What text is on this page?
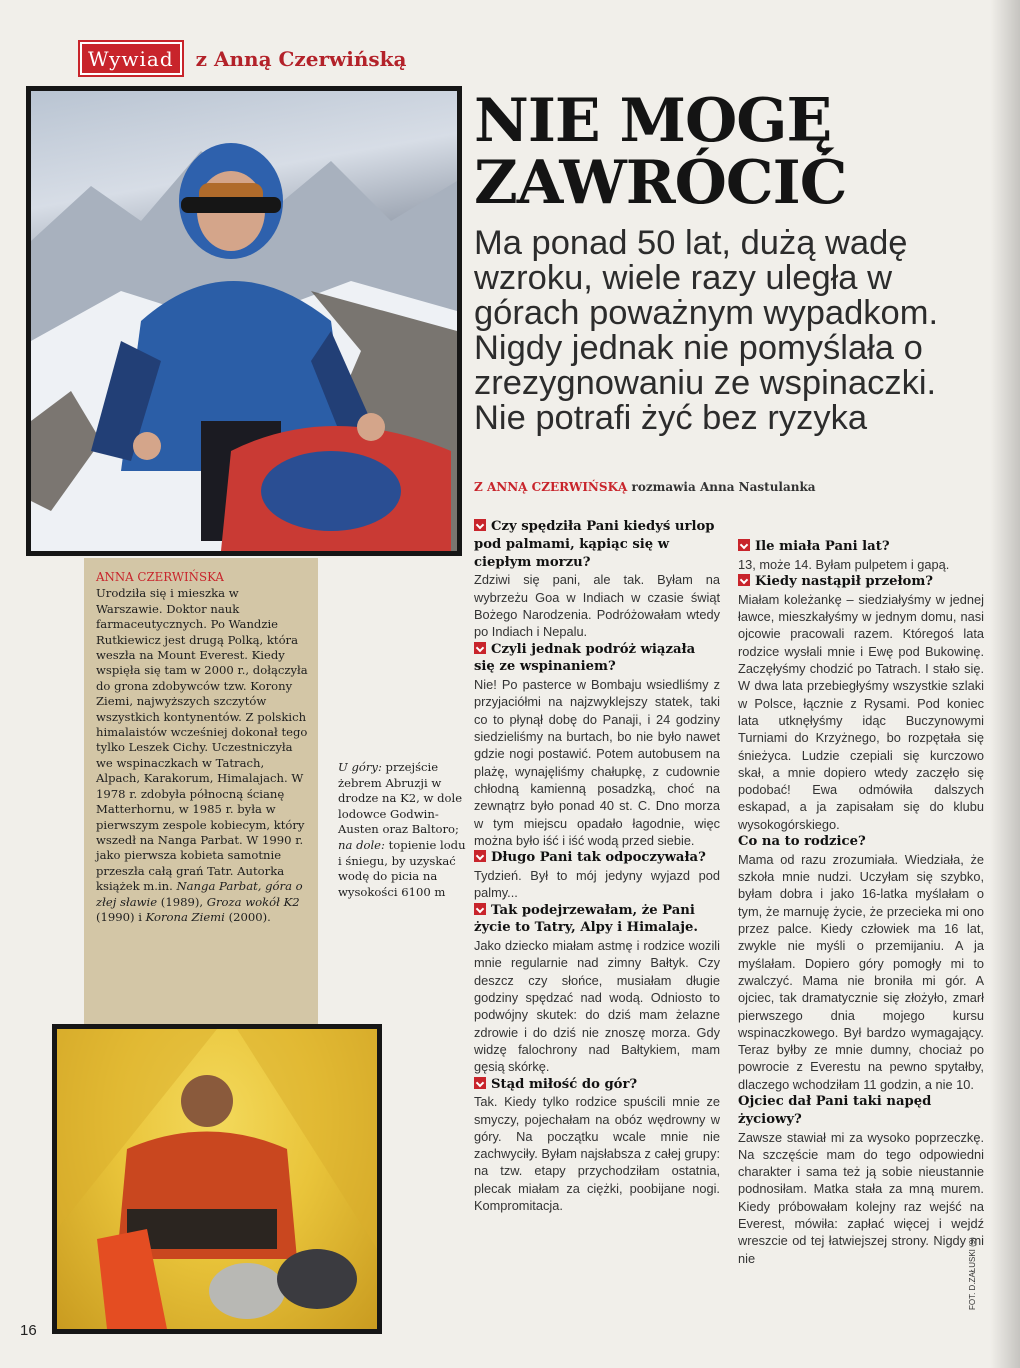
Wywiad	z Anną Czerwińską
NIE MOGĘ ZAWRÓCIĆ

Ma ponad 50 lat, dużą wadę wzroku, wiele razy uległa w górach poważnym wypadkom. Nigdy jednak nie pomyślała o zrezygnowaniu ze wspinaczki. Nie potrafi żyć bez ryzyka

Z ANNĄ CZERWIŃSKĄ rozmawia Anna Nastulanka

ANNA CZERWIŃSKA

Urodziła się i mieszka w Warszawie. Doktor nauk farmaceutycznych. Po Wandzie Rutkiewicz jest drugą Polką, która weszła na Mount Everest. Kiedy wspięła się tam w 2000 r., dołączyła do grona zdobywców tzw. Korony Ziemi, najwyższych szczytów wszystkich kontynentów. Z polskich himalaistów wcześniej dokonał tego tylko Leszek Cichy. Uczestniczyła we wspinaczkach w Tatrach, Alpach, Karakorum, Himalajach. W 1978 r. zdobyła północną ścianę Matterhornu, w 1985 r. była w pierwszym zespole kobiecym, który wszedł na Nanga Parbat. W 1990 r. jako pierwsza kobieta samotnie przeszła całą grań Tatr. Autorka książek m.in. Nanga Parbat, góra o złej sławie (1989), Groza wokół K2 (1990) i Korona Ziemi (2000).

U góry: przejście żebrem Abruzji w drodze na K2, w dole lodowce Godwin-Austen oraz Baltoro; na dole: topienie lodu i śniegu, by uzyskać wodę do picia na wysokości 6100 m

Czy spędziła Pani kiedyś urlop pod palmami, kąpiąc się w ciepłym morzu?

Zdziwi się pani, ale tak. Byłam na wybrzeżu Goa w Indiach w czasie świąt Bożego Narodzenia. Podróżowałam wtedy po Indiach i Nepalu.

Czyli jednak podróż wiązała się ze wspinaniem?

Nie! Po pasterce w Bombaju wsiedliśmy z przyjaciółmi na najzwyklejszy statek, taki co to płynął dobę do Panaji, i 24 godziny siedzieliśmy na burtach, bo nie było nawet gdzie nogi postawić. Potem autobusem na plażę, wynajęliśmy chałupkę, z cudownie chłodną kamienną posadzką, choć na zewnątrz było ponad 40 st. C. Dno morza w tym miejscu opadało łagodnie, więc można było iść i iść wodą przed siebie.

Długo Pani tak odpoczywała?

Tydzień. Był to mój jedyny wyjazd pod palmy...

Tak podejrzewałam, że Pani życie to Tatry, Alpy i Himalaje.

Jako dziecko miałam astmę i rodzice wozili mnie regularnie nad zimny Bałtyk. Czy deszcz czy słońce, musiałam długie godziny spędzać nad wodą. Odniosto to podwójny skutek: do dziś mam żelazne zdrowie i do dziś nie znoszę morza. Gdy widzę falochrony nad Bałtykiem, mam gęsią skórkę.

Stąd miłość do gór?

Tak. Kiedy tylko rodzice spuścili mnie ze smyczy, pojechałam na obóz wędrowny w góry. Na początku wcale mnie nie zachwyciły. Byłam najsłabsza z całej grupy: na tzw. etapy przychodziłam ostatnia, plecak miałam za ciężki, poobijane nogi. Kompromitacja.

Ile miała Pani lat?

13, może 14. Byłam pulpetem i gapą.

Kiedy nastąpił przełom?

Miałam koleżankę – siedziałyśmy w jednej ławce, mieszkałyśmy w jednym domu, nasi ojcowie pracowali razem. Któregoś lata rodzice wysłali mnie i Ewę pod Bukowinę. Zaczęłyśmy chodzić po Tatrach. I stało się. W dwa lata przebiegłyśmy wszystkie szlaki w Polsce, łącznie z Rysami. Pod koniec lata utknęłyśmy idąc Buczynowymi Turniami do Krzyżnego, bo rozpętała się śnieżyca. Ludzie czepiali się kurczowo skał, a mnie dopiero wtedy zaczęło się podobać! Ewa odmówiła dalszych eskapad, a ja zapisałam się do klubu wysokogórskiego.

Co na to rodzice?

Mama od razu zrozumiała. Wiedziała, że szkoła mnie nudzi. Uczyłam się szybko, byłam dobra i jako 16-latka myślałam o tym, że marnuję życie, że przecieka mi ono przez palce. Kiedy człowiek ma 16 lat, zwykle nie myśli o przemijaniu. A ja myślałam. Dopiero góry pomogły mi to zwalczyć. Mama nie broniła mi gór. A ojciec, tak dramatycznie się złożyło, zmarł pierwszego dnia mojego kursu wspinaczkowego. Był bardzo wymagający. Teraz byłby ze mnie dumny, chociaż po powrocie z Everestu na pewno spytałby, dlaczego wchodziłam 11 godzin, a nie 10.

Ojciec dał Pani taki napęd życiowy?

Zawsze stawiał mi za wysoko poprzeczkę. Na szczęście mam do tego odpowiedni charakter i sama też ją sobie nieustannie podnosiłam. Matka stała za mną murem. Kiedy próbowałam kolejny raz wejść na Everest, mówiła: zapłać więcej i wejdź wreszcie od tej łatwiejszej strony. Nigdy mi nie

16
FOT. D.ZAŁUSKI (9)
